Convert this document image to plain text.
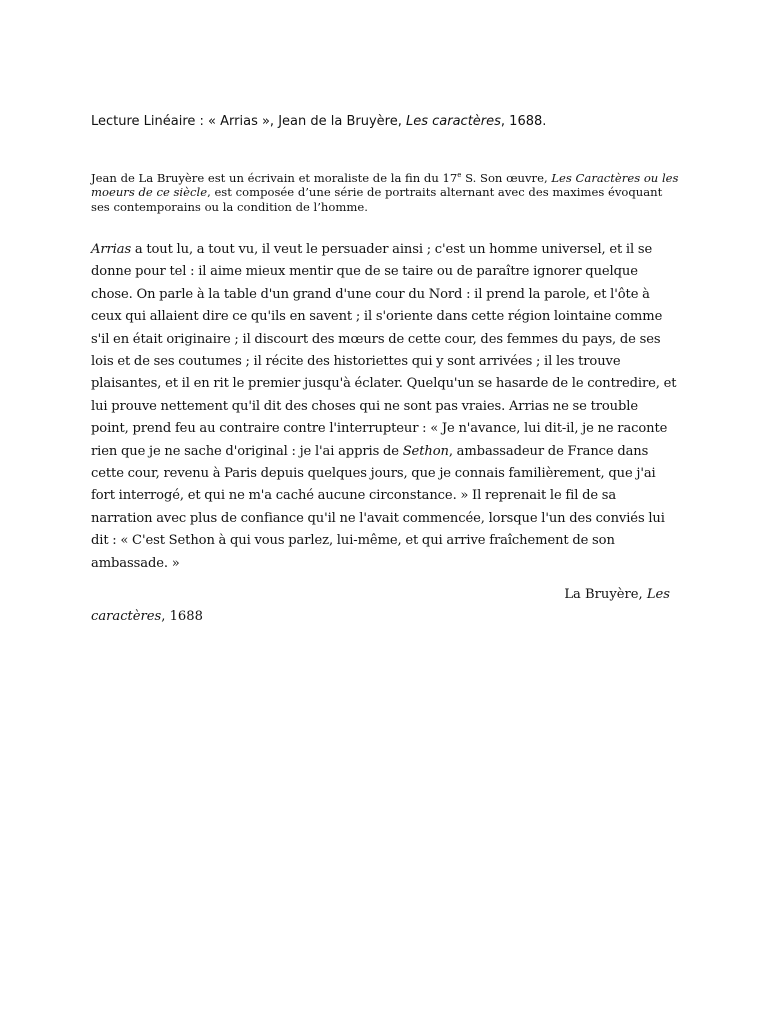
Lecture Linéaire : « Arrias », Jean de la Bruyère, Les caractères, 1688.
Jean de La Bruyère est un écrivain et moraliste de la fin du 17e S. Son œuvre, Les Caractères ou les moeurs de ce siècle, est composée d’une série de portraits alternant avec des maximes évoquant ses contemporains ou la condition de l’homme.
Arrias a tout lu, a tout vu, il veut le persuader ainsi ; c'est un homme universel, et il se donne pour tel : il aime mieux mentir que de se taire ou de paraître ignorer quelque chose. On parle à la table d'un grand d'une cour du Nord : il prend la parole, et l'ôte à ceux qui allaient dire ce qu'ils en savent ; il s'oriente dans cette région lointaine comme s'il en était originaire ; il discourt des mœurs de cette cour, des femmes du pays, de ses lois et de ses coutumes ; il récite des historiettes qui y sont arrivées ; il les trouve plaisantes, et il en rit le premier jusqu'à éclater. Quelqu'un se hasarde de le contredire, et lui prouve nettement qu'il dit des choses qui ne sont pas vraies. Arrias ne se trouble point, prend feu au contraire contre l'interrupteur : « Je n'avance, lui dit-il, je ne raconte rien que je ne sache d'original : je l'ai appris de Sethon, ambassadeur de France dans cette cour, revenu à Paris depuis quelques jours, que je connais familièrement, que j'ai fort interrogé, et qui ne m'a caché aucune circonstance. » Il reprenait le fil de sa narration avec plus de confiance qu'il ne l'avait commencée, lorsque l'un des conviés lui dit : « C'est Sethon à qui vous parlez, lui-même, et qui arrive fraîchement de son ambassade. »
La Bruyère, Les
caractères, 1688
